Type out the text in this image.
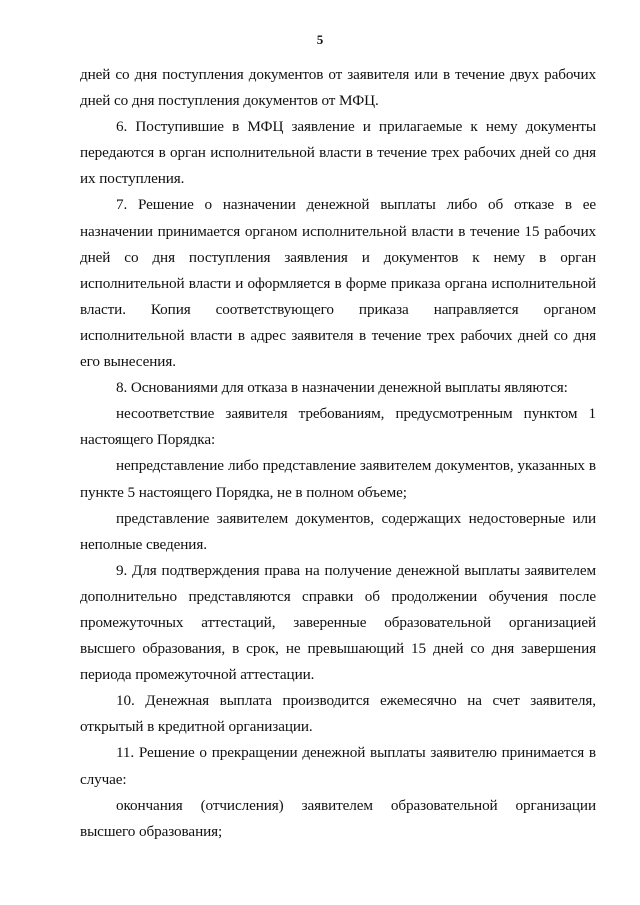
5

дней со дня поступления документов от заявителя или в течение двух рабочих дней со дня поступления документов от МФЦ.

6. Поступившие в МФЦ заявление и прилагаемые к нему документы передаются в орган исполнительной власти в течение трех рабочих дней со дня их поступления.

7. Решение о назначении денежной выплаты либо об отказе в ее назначении принимается органом исполнительной власти в течение 15 рабочих дней со дня поступления заявления и документов к нему в орган исполнительной власти и оформляется в форме приказа органа исполнительной власти. Копия соответствующего приказа направляется органом исполнительной власти в адрес заявителя в течение трех рабочих дней со дня его вынесения.

8. Основаниями для отказа в назначении денежной выплаты являются:

несоответствие заявителя требованиям, предусмотренным пунктом 1 настоящего Порядка:

непредставление либо представление заявителем документов, указанных в пункте 5 настоящего Порядка, не в полном объеме;

представление заявителем документов, содержащих недостоверные или неполные сведения.

9. Для подтверждения права на получение денежной выплаты заявителем дополнительно представляются справки об продолжении обучения после промежуточных аттестаций, заверенные образовательной организацией высшего образования, в срок, не превышающий 15 дней со дня завершения периода промежуточной аттестации.

10. Денежная выплата производится ежемесячно на счет заявителя, открытый в кредитной организации.

11. Решение о прекращении денежной выплаты заявителю принимается в случае:

окончания (отчисления) заявителем образовательной организации высшего образования;
